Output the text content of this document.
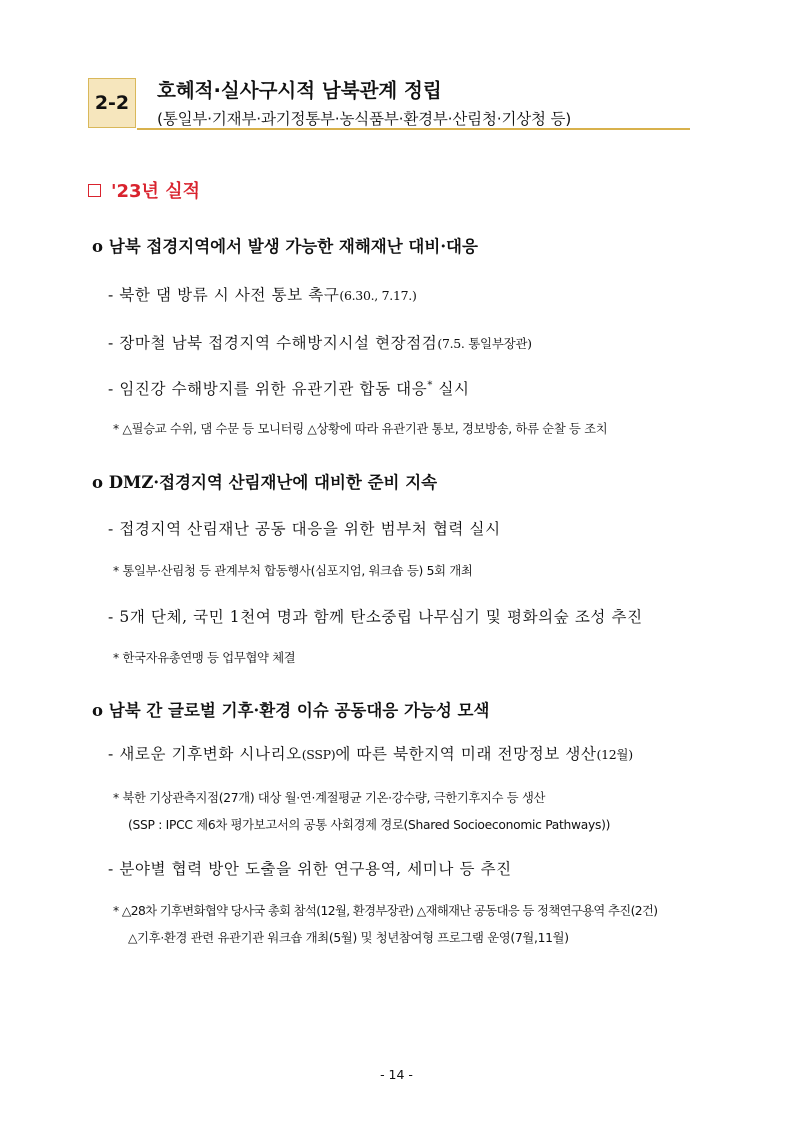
2-2
호혜적·실사구시적 남북관계 정립
(통일부·기재부·과기정통부·농식품부·환경부·산림청·기상청 등)
'23년 실적
o 남북 접경지역에서 발생 가능한 재해재난 대비·대응
- 북한 댐 방류 시 사전 통보 촉구(6.30., 7.17.)
- 장마철 남북 접경지역 수해방지시설 현장점검(7.5. 통일부장관)
- 임진강 수해방지를 위한 유관기관 합동 대응* 실시
* △필승교 수위, 댐 수문 등 모니터링 △상황에 따라 유관기관 통보, 경보방송, 하류 순찰 등 조치
o DMZ·접경지역 산림재난에 대비한 준비 지속
- 접경지역 산림재난 공동 대응을 위한 범부처 협력 실시
* 통일부·산림청 등 관계부처 합동행사(심포지엄, 워크숍 등) 5회 개최
- 5개 단체, 국민 1천여 명과 함께 탄소중립 나무심기 및 평화의숲 조성 추진
* 한국자유총연맹 등 업무협약 체결
o 남북 간 글로벌 기후·환경 이슈 공동대응 가능성 모색
- 새로운 기후변화 시나리오(SSP)에 따른 북한지역 미래 전망정보 생산(12월)
* 북한 기상관측지점(27개) 대상 월·연·계절평균 기온·강수량, 극한기후지수 등 생산
(SSP : IPCC 제6차 평가보고서의 공통 사회경제 경로(Shared Socioeconomic Pathways))
- 분야별 협력 방안 도출을 위한 연구용역, 세미나 등 추진
* △28차 기후변화협약 당사국 총회 참석(12월, 환경부장관) △재해재난 공동대응 등 정책연구용역 추진(2건)
△기후·환경 관련 유관기관 워크숍 개최(5월) 및 청년참여형 프로그램 운영(7월,11월)
- 14 -
